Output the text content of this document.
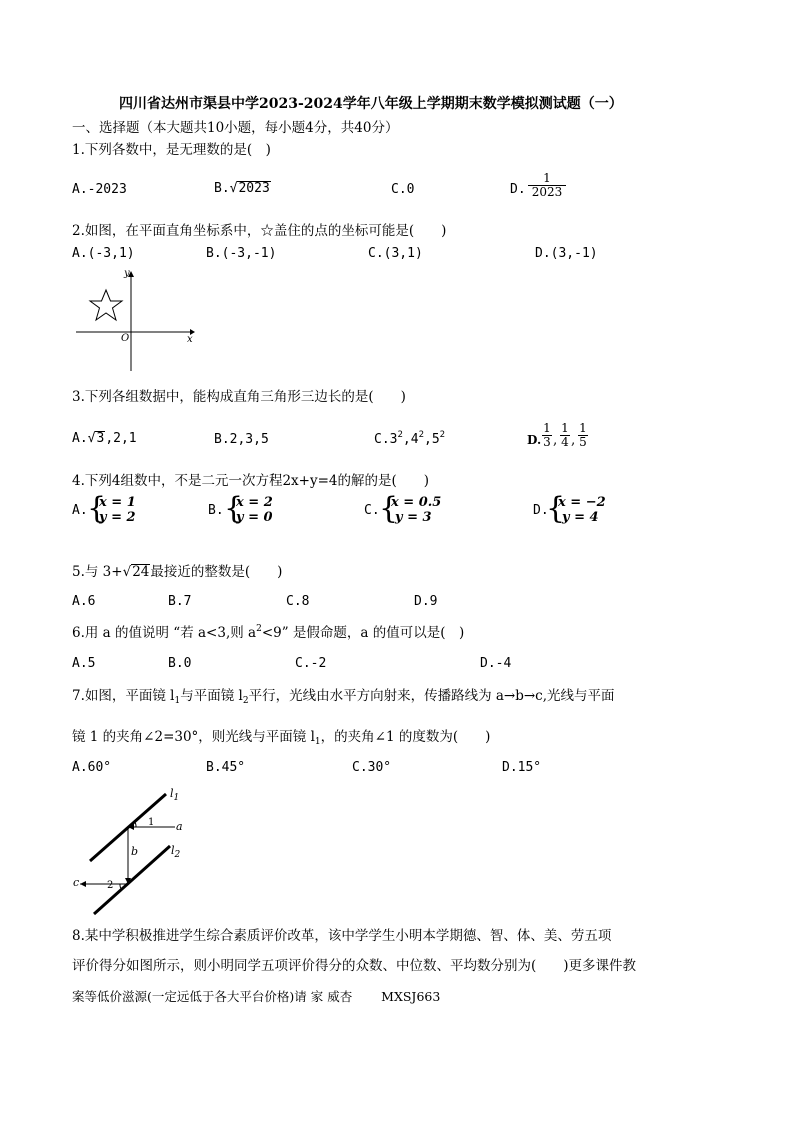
四川省达州市渠县中学2023-2024学年八年级上学期期末数学模拟测试题（一）
一、选择题（本大题共10小题，每小题4分，共40分）
1.下列各数中，是无理数的是(　)
A.-2023	B.√2023	C.0	D. $\frac{1}{2023}$
2.如图，在平面直角坐标系中，☆盖住的点的坐标可能是(　　)
A.(-3,1)	B.(-3,-1)	C.(3,1)	D.(3,-1)
y
x
O
3.下列各组数据中，能构成直角三角形三边长的是(　　)
A.√3,2,1	B.2,3,5	$C.3^2,4^2,5^2$	D. $\frac{1}{3}$ , $\frac{1}{4}$ , $\frac{1}{5}$
4.下列4组数中，不是二元一次方程2x+y=4的解的是(　　)
A. {
x = 1
y = 2	B. {
x = 2
y = 0	C. {
x = 0.5
y = 3	D.
{
x = −2
y = 4
5.与 3+√24最接近的整数是(　　)
A.6	B.7	C.8	D.9
6.用 a 的值说明 “若 a<3,则 $a^2<9$” 是假命题，a 的值可以是(　)
A.5	B.0	C.-2	D.-4
7.如图，平面镜 $l_1$与平面镜 $l_2$平行，光线由水平方向射来，传播路线为 a→b→c,光线与平面
镜 1 的夹角∠2=30°，则光线与平面镜 $l_1$，的夹角∠1 的度数为(　　)
A.60°	B.45°	C.30°	D.15°
$l_1$
$l_2$
a
b
c
1
2
8.某中学积极推进学生综合素质评价改革，该中学学生小明本学期德、智、体、美、劳五项
评价得分如图所示，则小明同学五项评价得分的众数、中位数、平均数分别为(　　)更多课件教
案等低价滋源(一定远低于各大平台价格)请 家 威杏　　 MXSJ663
